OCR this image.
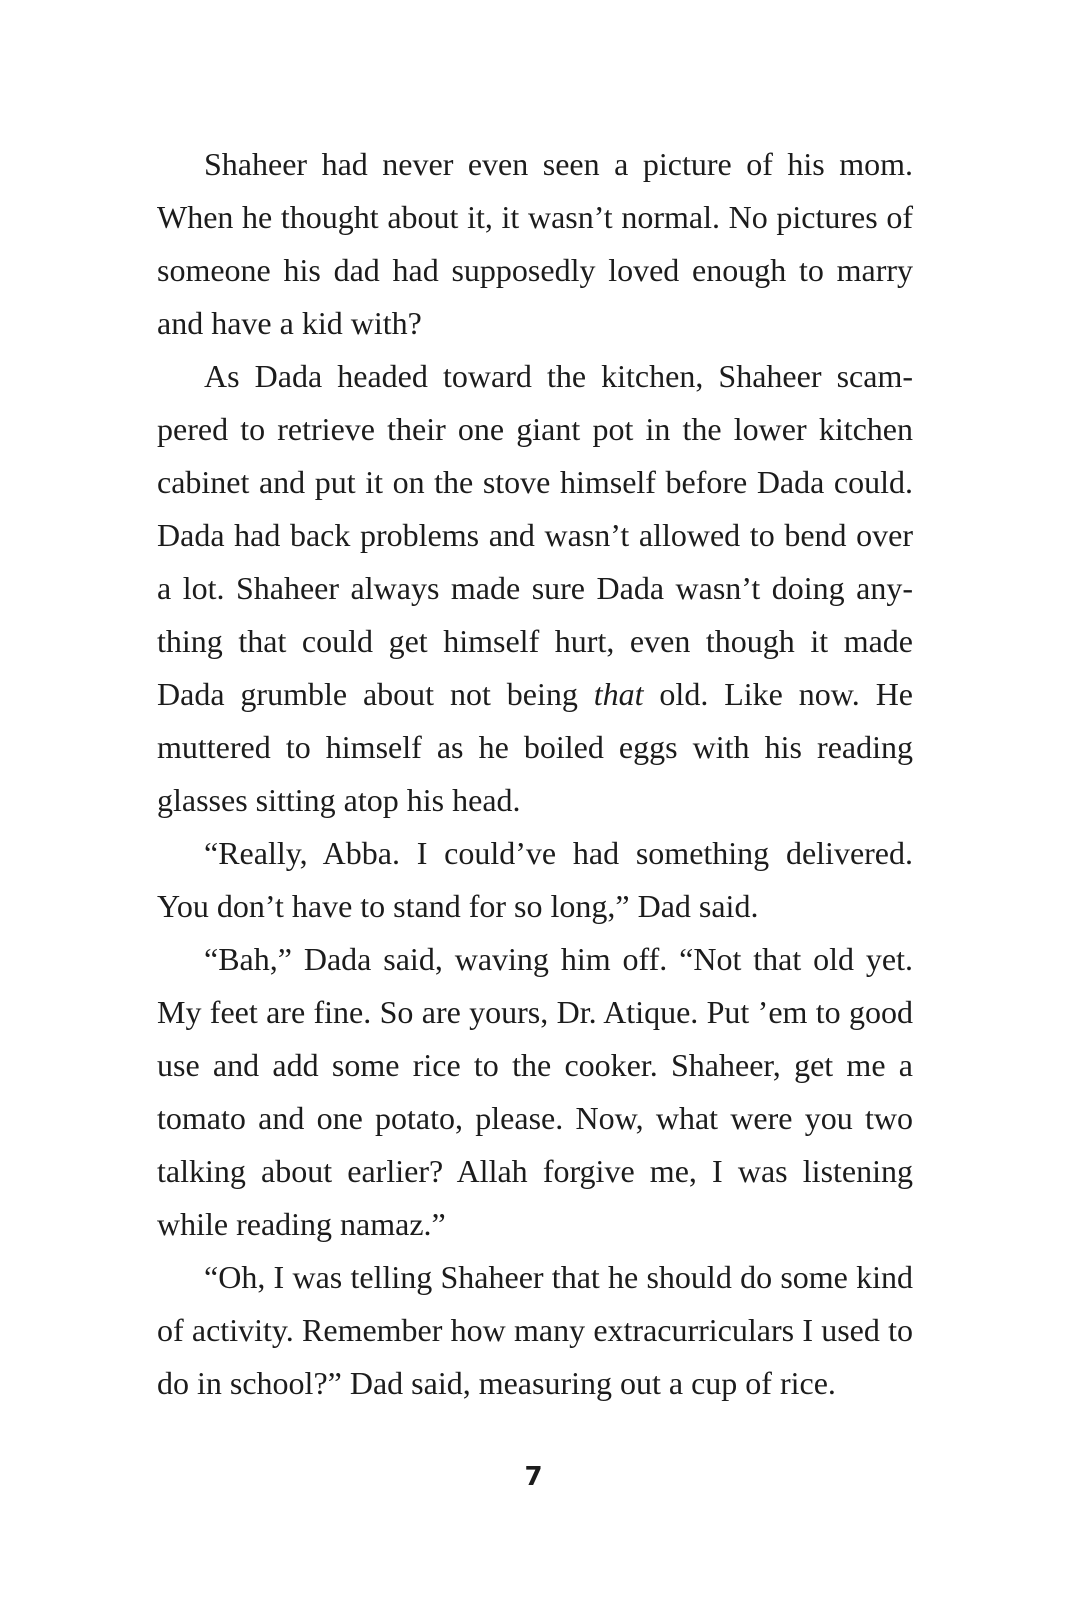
Shaheer had never even seen a picture of his mom. When he thought about it, it wasn’t normal. No pictures of someone his dad had supposedly loved enough to marry and have a kid with?

As Dada headed toward the kitchen, Shaheer scampered to retrieve their one giant pot in the lower kitchen cabinet and put it on the stove himself before Dada could. Dada had back problems and wasn’t allowed to bend over a lot. Shaheer always made sure Dada wasn’t doing anything that could get himself hurt, even though it made Dada grumble about not being that old. Like now. He muttered to himself as he boiled eggs with his reading glasses sitting atop his head.

“Really, Abba. I could’ve had something delivered. You don’t have to stand for so long,” Dad said.

“Bah,” Dada said, waving him off. “Not that old yet. My feet are fine. So are yours, Dr. Atique. Put ’em to good use and add some rice to the cooker. Shaheer, get me a tomato and one potato, please. Now, what were you two talking about earlier? Allah forgive me, I was listening while reading namaz.”

“Oh, I was telling Shaheer that he should do some kind of activity. Remember how many extracurriculars I used to do in school?” Dad said, measuring out a cup of rice.

7
